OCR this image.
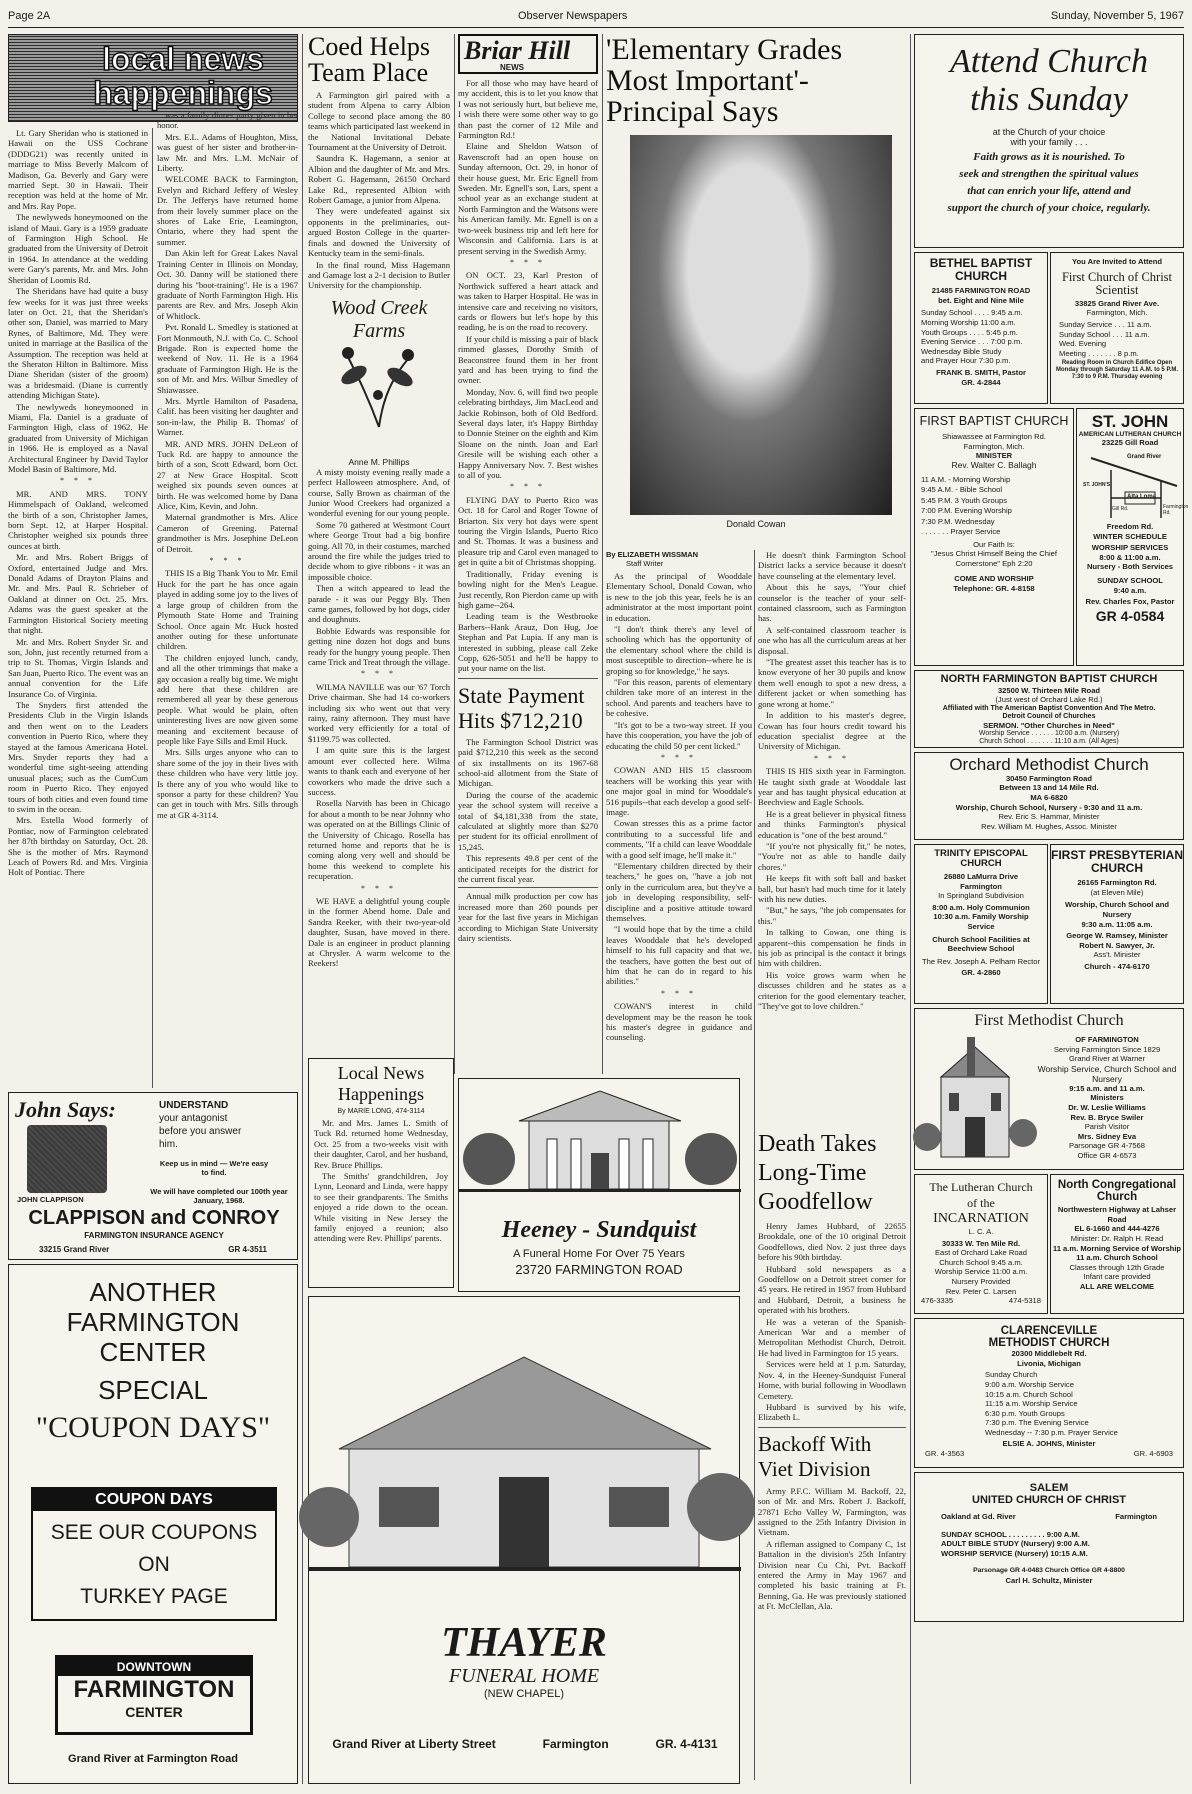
Page 2A	Observer Newspapers	Sunday, November 5, 1967
local news happenings

Lt. Gary Sheridan who is stationed in Hawaii on the USS Cochrane (DDDG21) was recently united in marriage to Miss Beverly Malcom of Madison, Ga. Beverly and Gary were married Sept. 30 in Hawaii. Their reception was held at the home of Mr. and Mrs. Ray Pope.

The newlyweds honeymooned on the island of Maui. Gary is a 1959 graduate of Farmington High School. He graduated from the University of Detroit in 1964. In attendance at the wedding were Gary's parents, Mr. and Mrs. John Sheridan of Loomis Rd.

The Sheridans have had quite a busy few weeks for it was just three weeks later on Oct. 21, that the Sheridan's other son, Daniel, was married to Mary Rynes, of Baltimore, Md. They were united in marriage at the Basilica of the Assumption. The reception was held at the Sheraton Hilton in Baltimore. Miss Diane Sheridan (sister of the groom) was a bridesmaid. (Diane is currently attending Michigan State).

The newlyweds honeymooned in Miami, Fla. Daniel is a graduate of Farmington High, class of 1962. He graduated from University of Michigan in 1966. He is employed as a Naval Architectural Engineer by David Taylor Model Basin of Baltimore, Md.

* * *

MR. AND MRS. TONY Himmelspach of Oakland, welcomed the birth of a son, Christopher James, born Sept. 12, at Harper Hospital. Christopher weighed six pounds three ounces at birth.

Mr. and Mrs. Robert Briggs of Oxford, entertained Judge and Mrs. Donald Adams of Drayton Plains and Mr. and Mrs. Paul R. Schrieber of Oakland at dinner on Oct. 25. Mrs. Adams was the guest speaker at the Farmington Historical Society meeting that night.

Mr. and Mrs. Robert Snyder Sr. and son, John, just recently returned from a trip to St. Thomas, Virgin Islands and San Juan, Puerto Rico. The event was an annual convention for the Life Insurance Co. of Virginia.

The Snyders first attended the Presidents Club in the Virgin Islands and then went on to the Leaders convention in Puerto Rico, where they stayed at the famous Americana Hotel. Mrs. Snyder reports they had a wonderful time sight-seeing attending unusual places; such as the CumCum room in Puerto Rico. They enjoyed tours of both cities and even found time to swim in the ocean.

Mrs. Estella Wood formerly of Pontiac, now of Farmington celebrated her 87th birthday on Saturday, Oct. 28. She is the mother of Mrs. Raymond Leach of Powers Rd. and Mrs. Virginia Holt of Pontiac. There

was a family dinner party given in her honor.

Mrs. E.L. Adams of Houghton, Miss, was guest of her sister and brother-in-law Mr. and Mrs. L.M. McNair of Liberty.

WELCOME BACK to Farmington, Evelyn and Richard Jeffery of Wesley Dr. The Jefferys have returned home from their lovely summer place on the shores of Lake Erie, Leamington, Ontario, where they had spent the summer.

Dan Akin left for Great Lakes Naval Training Center in Illinois on Monday, Oct. 30. Danny will be stationed there during his "boot-training". He is a 1967 graduate of North Farmington High. His parents are Rev. and Mrs. Joseph Akin of Whitlock.

Pvt. Ronald L. Smedley is stationed at Fort Monmouth, N.J. with Co. C. School Brigade. Ron is expected home the weekend of Nov. 11. He is a 1964 graduate of Farmington High. He is the son of Mr. and Mrs. Wilbur Smedley of Shiawassee.

Mrs. Myrtle Hamilton of Pasadena, Calif. has been visiting her daughter and son-in-law, the Philip B. Thomas' of Warner.

MR. AND MRS. JOHN DeLeon of Tuck Rd. are happy to announce the birth of a son, Scott Edward, born Oct. 27 at New Grace Hospital. Scott weighed six pounds seven ounces at birth. He was welcomed home by Dana Alice, Kim, Kevin, and John.

Maternal grandmother is Mrs. Alice Cameron of Greening. Paternal grandmother is Mrs. Josephine DeLeon of Detroit.

* * *

THIS IS a Big Thank You to Mr. Emil Huck for the part he has once again played in adding some joy to the lives of a large group of children from the Plymouth State Home and Training School. Once again Mr. Huck hosted another outing for these unfortunate children.

The children enjoyed lunch, candy, and all the other trimmings that make a gay occasion a really big time. We might add here that these children are remembered all year by these generous people. What would be plain, often uninteresting lives are now given some meaning and excitement because of people like Faye Sills and Emil Huck.

Mrs. Sills urges anyone who can to share some of the joy in their lives with these children who have very little joy. Is there any of you who would like to sponsor a party for these children? You can get in touch with Mrs. Sills through me at GR 4-3114.

John Says:	UNDERSTAND
your antagonist
before you answer
him.
Keep us in mind — We're easy to find.
We will have completed our 100th year January, 1968.
JOHN CLAPPISON
CLAPPISON and CONROY
FARMINGTON INSURANCE AGENCY
33215 Grand River	GR 4-3511
ANOTHER
FARMINGTON
CENTER
SPECIAL
"COUPON DAYS"
COUPON DAYS
SEE OUR COUPONS
ON
TURKEY PAGE
DOWNTOWN
FARMINGTON
CENTER
Grand River at Farmington Road
Coed Helps Team Place

A Farmington girl paired with a student from Alpena to carry Albion College to second place among the 80 teams which participated last weekend in the National Invitational Debate Tournament at the University of Detroit.

Saundra K. Hagemann, a senior at Albion and the daughter of Mr. and Mrs. Robert G. Hagemann, 26150 Orchard Lake Rd., represented Albion with Robert Gamage, a junior from Alpena.

They were undefeated against six opponents in the preliminaries, out-argued Boston College in the quarter-finals and downed the University of Kentucky team in the semi-finals.

In the final round, Miss Hagemann and Gamage lost a 2-1 decision to Butler University for the championship.

Wood Creek Farms
Anne M. Phillips

A misty moisty evening really made a perfect Halloween atmosphere. And, of course, Sally Brown as chairman of the Junior Wood Creekers had organized a wonderful evening for our young people.

Some 70 gathered at Westmont Court where George Trout had a big bonfire going. All 70, in their costumes, marched around the fire while the judges tried to decide whom to give ribbons - it was an impossible choice.

Then a witch appeared to lead the parade - it was our Peggy Bly. Then came games, followed by hot dogs, cider and doughnuts.

Bobbie Edwards was responsible for getting nine dozen hot dogs and buns ready for the hungry young people. Then came Trick and Treat through the village.

* * *

WILMA NAVILLE was our '67 Torch Drive chairman. She had 14 co-workers including six who went out that very rainy, rainy afternoon. They must have worked very efficiently for a total of $1199.75 was collected.

I am quite sure this is the largest amount ever collected here. Wilma wants to thank each and everyone of her coworkers who made the drive such a success.

Rosella Narvith has been in Chicago for about a month to be near Johnny who was operated on at the Billings Clinic of the University of Chicago. Rosella has returned home and reports that he is coming along very well and should be home this weekend to complete his recuperation.

* * *

WE HAVE a delightful young couple in the former Abend home. Dale and Sandra Reeker, with their two-year-old daughter, Susan, have moved in there. Dale is an engineer in product planning at Chrysler. A warm welcome to the Reekers!

Local News Happenings
By MARIE LONG, 474-3114

Mr. and Mrs. James L. Smith of Tuck Rd. returned home Wednesday, Oct. 25 from a two-weeks visit with their daughter, Carol, and her husband, Rev. Bruce Phillips.

The Smiths' grandchildren, Joy Lynn, Leonard and Linda, were happy to see their grandparents. The Smiths enjoyed a ride down to the ocean. While visiting in New Jersey the family enjoyed a reunion; also attending were Rev. Phillips' parents.

Briar Hill
NEWS

For all those who may have heard of my accident, this is to let you know that I was not seriously hurt, but believe me, I wish there were some other way to go than past the corner of 12 Mile and Farmington Rd.!

Elaine and Sheldon Watson of Ravenscroft had an open house on Sunday afternoon, Oct. 29, in honor of their house guest, Mr. Eric Egnell from Sweden. Mr. Egnell's son, Lars, spent a school year as an exchange student at North Farmington and the Watsons were his American family. Mr. Egnell is on a two-week business trip and left here for Wisconsin and California. Lars is at present serving in the Swedish Army.

* * *

ON OCT. 23, Karl Preston of Northwick suffered a heart attack and was taken to Harper Hospital. He was in intensive care and receiving no visitors, cards or flowers but let's hope by this reading, he is on the road to recovery.

If your child is missing a pair of black rimmed glasses, Dorothy Smith of Beaconstree found them in her front yard and has been trying to find the owner.

Monday, Nov. 6, will find two people celebrating birthdays, Jim MacLeod and Jackie Robinson, both of Old Bedford. Several days later, it's Happy Birthday to Donnie Steiner on the eighth and Kim Sloane on the ninth. Joan and Earl Gresile will be wishing each other a Happy Anniversary Nov. 7. Best wishes to all of you.

* * *

FLYING DAY to Puerto Rico was Oct. 18 for Carol and Roger Towne of Briarton. Six very hot days were spent touring the Virgin Islands, Puerto Rico and St. Thomas. It was a business and pleasure trip and Carol even managed to get in quite a bit of Christmas shopping.

Traditionally, Friday evening is bowling night for the Men's League. Just recently, Ron Pierdon came up with high game--264.

Leading team is the Westbrooke Barbers--Hank Arauz, Don Hug, Joe Stephan and Pat Lupia. If any man is interested in subbing, please call Zeke Copp, 626-5051 and he'll be happy to put your name on the list.

State Payment Hits $712,210

The Farmington School District was paid $712,210 this week as the second of six installments on its 1967-68 school-aid allotment from the State of Michigan.

During the course of the academic year the school system will receive a total of $4,181,338 from the state, calculated at slightly more than $270 per student for its official enrollment of 15,245.

This represents 49.8 per cent of the anticipated receipts for the district for the current fiscal year.

Annual milk production per cow has increased more than 260 pounds per year for the last five years in Michigan according to Michigan State University dairy scientists.

Heeney - Sundquist
A Funeral Home For Over 75 Years
23720 FARMINGTON ROAD
THAYER
FUNERAL HOME
(NEW CHAPEL)
Grand River at Liberty Street	Farmington	GR. 4-4131
'Elementary Grades Most Important'- Principal Says
Donald Cowan
By ELIZABETH WISSMAN
Staff Writer

As the principal of Wooddale Elementary School, Donald Cowan, who is new to the job this year, feels he is an administrator at the most important point in education.

"I don't think there's any level of schooling which has the opportunity of the elementary school where the child is most susceptible to direction--where he is groping so for knowledge," he says.

"For this reason, parents of elementary children take more of an interest in the school. And parents and teachers have to be cohesive.

"It's got to be a two-way street. If you have this cooperation, you have the job of educating the child 50 per cent licked."

* * *

COWAN AND HIS 15 classroom teachers will be working this year with one major goal in mind for Wooddale's 516 pupils--that each develop a good self-image.

Cowan stresses this as a prime factor contributing to a successful life and comments, "If a child can leave Wooddale with a good self image, he'll make it."

"Elementary children directed by their teachers," he goes on, "have a job not only in the curriculum area, but they've a job in developing responsibility, self-discipline and a positive attitude toward themselves.

"I would hope that by the time a child leaves Wooddale that he's developed himself to his full capacity and that we, the teachers, have gotten the best out of him that he can do in regard to his abilities."

* * *

COWAN'S interest in child development may be the reason he took his master's degree in guidance and counseling.

He doesn't think Farmington School District lacks a service because it doesn't have counseling at the elementary level.

About this he says, "Your chief counselor is the teacher of your self-contained classroom, such as Farmington has.

A self-contained classroom teacher is one who has all the curriculum areas at her disposal.

"The greatest asset this teacher has is to know everyone of her 30 pupils and know them well enough to spot a new dress, a different jacket or when something has gone wrong at home."

In addition to his master's degree, Cowan has four hours credit toward his education specialist degree at the University of Michigan.

* * *

THIS IS HIS sixth year in Farmington. He taught sixth grade at Wooddale last year and has taught physical education at Beechview and Eagle Schools.

He is a great believer in physical fitness and thinks Farmington's physical education is "one of the best around."

"If you're not physically fit," he notes, "You're not as able to handle daily chores."

He keeps fit with soft ball and basket ball, but hasn't had much time for it lately with his new duties.

"But," he says, "the job compensates for this."

In talking to Cowan, one thing is apparent--this compensation he finds in his job as principal is the contact it brings him with children.

His voice grows warm when he discusses children and he states as a criterion for the good elementary teacher, "They've got to love children."

Death Takes Long-Time Goodfellow

Henry James Hubbard, of 22655 Brookdale, one of the 10 original Detroit Goodfellows, died Nov. 2 just three days before his 90th birthday.

Hubbard sold newspapers as a Goodfellow on a Detroit street corner for 45 years. He retired in 1957 from Hubbard and Hubbard, Detroit, a business he operated with his brothers.

He was a veteran of the Spanish-American War and a member of Metropolitan Methodist Church, Detroit. He had lived in Farmington for 15 years.

Services were held at 1 p.m. Saturday, Nov. 4, in the Heeney-Sundquist Funeral Home, with burial following in Woodlawn Cemetery.

Hubbard is survived by his wife, Elizabeth L.

Backoff With Viet Division

Army P.F.C. William M. Backoff, 22, son of Mr. and Mrs. Robert J. Backoff, 27871 Echo Valley W, Farmington, was assigned to the 25th Infantry Division in Vietnam.

A rifleman assigned to Company C, 1st Battalion in the division's 25th Infantry Division near Cu Chi, Pvt. Backoff entered the Army in May 1967 and completed his basic training at Ft. Benning, Ga. He was previously stationed at Ft. McClellan, Ala.

Attend Church
this Sunday
at the Church of your choice
with your family . . .
Faith grows as it is nourished. To
seek and strengthen the spiritual values
that can enrich your life, attend and
support the church of your choice, regularly.
BETHEL BAPTIST CHURCH
21485 FARMINGTON ROAD
bet. Eight and Nine Mile
Sunday School . . . . 9:45 a.m.
Morning Worship 11:00 a.m.
Youth Groups . . . . 5:45 p.m.
Evening Service . . . 7:00 p.m.
Wednesday Bible Study
and Prayer Hour 7:30 p.m.
FRANK B. SMITH, Pastor
GR. 4-2844
You Are Invited to Attend
First Church of Christ Scientist
33825 Grand River Ave.
Farmington, Mich.
Sunday Service . . . 11 a.m.
Sunday School . . . 11 a.m.
Wed. Evening
Meeting . . . . . . . 8 p.m.
Reading Room in Church Edifice Open Monday through Saturday 11 A.M. to 5 P.M. 7:30 to 9 P.M. Thursday evening
FIRST BAPTIST CHURCH
Shiawassee at Farmington Rd.
Farmington, Mich.
MINISTER
Rev. Walter C. Ballagh
11 A.M. - Morning Worship
9:45 A.M. - Bible School
5:45 P.M. 3 Youth Groups
7:00 P.M. Evening Worship
7:30 P.M. Wednesday
. . . . . . . Prayer Service
Our Faith Is:
"Jesus Christ Himself Being the Chief Cornerstone" Eph 2:20
COME AND WORSHIP
Telephone: GR. 4-8158
ST. JOHN
AMERICAN LUTHERAN CHURCH
23225 Gill Road
Grand River
Alta Loma
ST. JOHN'S
Gill Rd.	Farmington Rd.
Freedom Rd.
WINTER SCHEDULE
WORSHIP SERVICES
8:00 & 11:00 a.m.
Nursery - Both Services
SUNDAY SCHOOL
9:40 a.m.
Rev. Charles Fox, Pastor
GR 4-0584
NORTH FARMINGTON BAPTIST CHURCH
32500 W. Thirteen Mile Road
(Just west of Orchard Lake Rd.)
Affiliated with The American Baptist Convention And The Metro. Detroit Council of Churches
SERMON. "Other Churches in Need"
Worship Service . . . . . . 10:00 a.m. (Nursery)
Church School . . . . . . . 11:10 a.m. (All Ages)
Orchard Methodist Church
30450 Farmington Road
Between 13 and 14 Mile Rd.
MA 6-6820
Worship, Church School, Nursery - 9:30 and 11 a.m.
Rev. Eric S. Hammar, Minister
Rev. William M. Hughes, Assoc. Minister
TRINITY EPISCOPAL CHURCH
26880 LaMurra Drive
Farmington
In Springland Subdivision
8:00 a.m. Holy Communion
10:30 a.m. Family Worship
Service
Church School Facilities at Beechview School
The Rev. Joseph A. Pelham Rector
GR. 4-2860
FIRST PRESBYTERIAN CHURCH
26165 Farmington Rd.
(at Eleven Mile)
Worship, Church School and Nursery
9:30 a.m. 11:05 a.m.
George W. Ramsey, Minister
Robert N. Sawyer, Jr.
Ass't. Minister
Church - 474-6170
First Methodist Church
OF FARMINGTON
Serving Farmington Since 1829
Grand River at Warner
Worship Service, Church School and Nursery
9:15 a.m. and 11 a.m.
Ministers
Dr. W. Leslie Williams
Rev. B. Bryce Swiler
Parish Visitor
Mrs. Sidney Eva
Parsonage GR 4-7568
Office GR 4-6573
The Lutheran Church
of the
INCARNATION
L. C. A.
30333 W. Ten Mile Rd.
East of Orchard Lake Road
Church School 9:45 a.m.
Worship Service 11:00 a.m.
Nursery Provided
Rev. Peter C. Larsen
476-3335	474-5318
North Congregational Church
Northwestern Highway at Lahser Road
EL 6-1660 and 444-4276
Minister: Dr. Ralph H. Read
11 a.m. Morning Service of Worship
11 a.m. Church School
Classes through 12th Grade
Infant care provided
ALL ARE WELCOME
CLARENCEVILLE METHODIST CHURCH
20300 Middlebelt Rd.
Livonia, Michigan
Sunday Church
9:00 a.m. Worship Service
10:15 a.m. Church School
11:15 a.m. Worship Service
6:30 p.m. Youth Groups
7:30 p.m. The Evening Service
Wednesday -- 7:30 p.m. Prayer Service
ELSIE A. JOHNS, Minister
GR. 4-3563	GR. 4-6903
SALEM
UNITED CHURCH OF CHRIST
Oakland at Gd. River	Farmington
SUNDAY SCHOOL . . . . . . . . . 9:00 A.M.
ADULT BIBLE STUDY (Nursery) 9:00 A.M.
WORSHIP SERVICE (Nursery) 10:15 A.M.
Parsonage GR 4-0483 Church Office GR 4-8800
Carl H. Schultz, Minister
